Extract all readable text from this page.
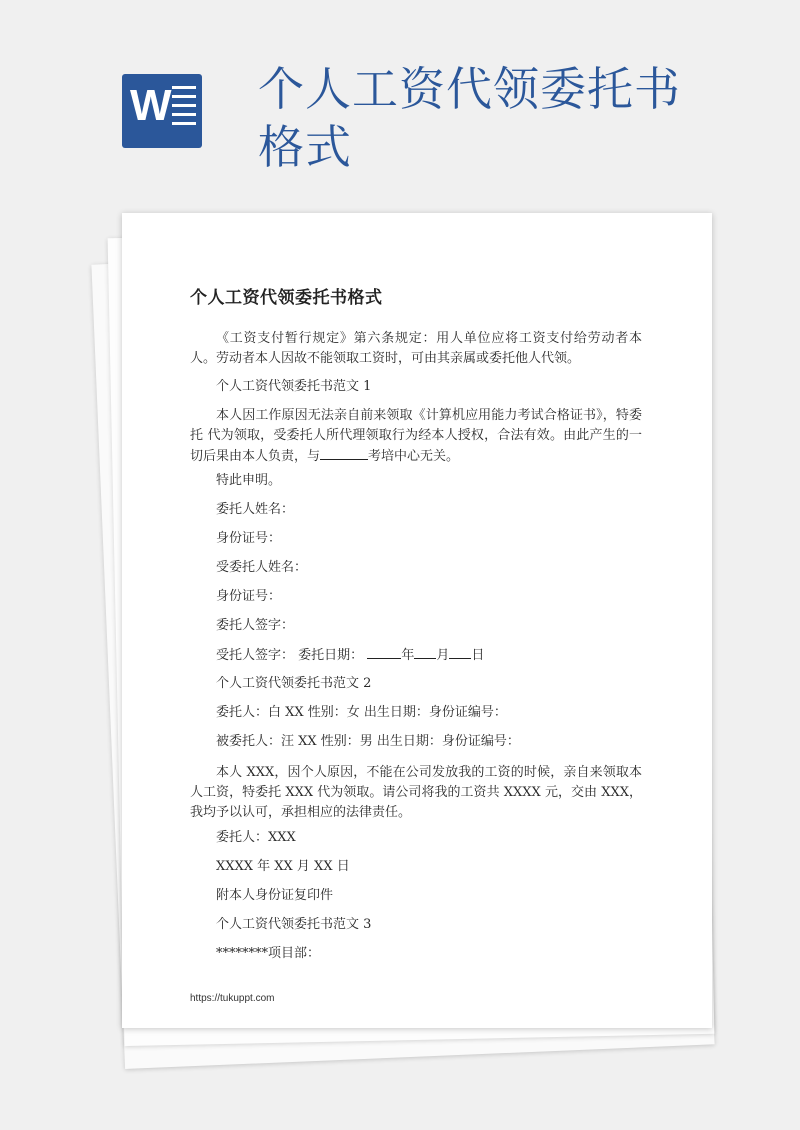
W 个人工资代领委托书格式
个人工资代领委托书格式
《工资支付暂行规定》第六条规定：用人单位应将工资支付给劳动者本人。劳动者本人因故不能领取工资时，可由其亲属或委托他人代领。
个人工资代领委托书范文 1
本人因工作原因无法亲自前来领取《计算机应用能力考试合格证书》，特委托 代为领取，受委托人所代理领取行为经本人授权，合法有效。由此产生的一切后果由本人负责，与	考培中心无关。
特此申明。
委托人姓名：
身份证号：
受委托人姓名：
身份证号：
委托人签字：
受托人签字： 委托日期：	年 月 日
个人工资代领委托书范文 2
委托人：白 XX 性别：女 出生日期：身份证编号：
被委托人：汪 XX 性别：男 出生日期：身份证编号：
本人 XXX，因个人原因，不能在公司发放我的工资的时候，亲自来领取本人工资，特委托 XXX 代为领取。请公司将我的工资共 XXXX 元，交由 XXX，我均予以认可，承担相应的法律责任。
委托人：XXX
XXXX 年 XX 月 XX 日
附本人身份证复印件
个人工资代领委托书范文 3
********项目部：
https://tukuppt.com
